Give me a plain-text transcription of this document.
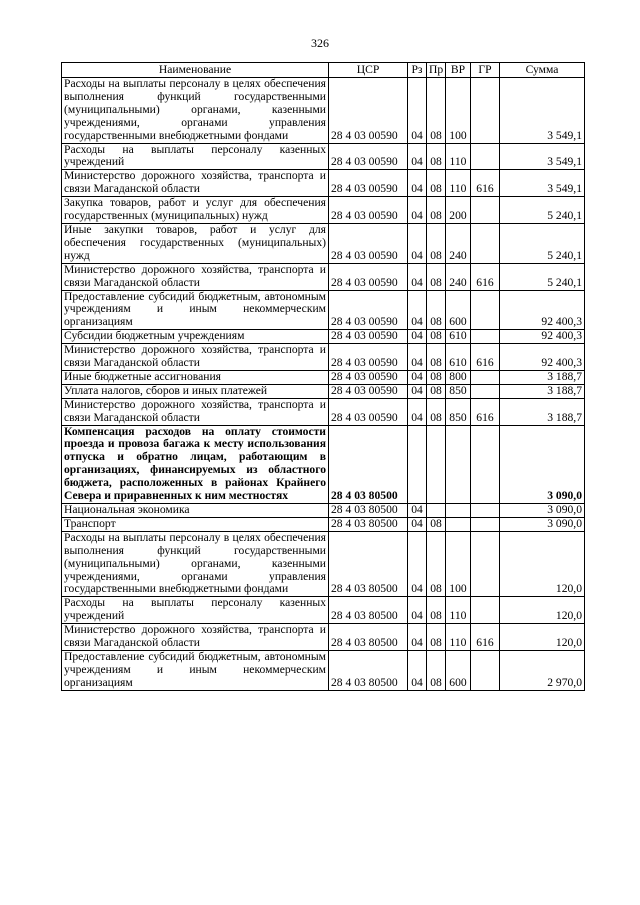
326
Наименование	ЦСР	Рз	Пр	ВР	ГР	Сумма
Расходы на выплаты персоналу в целях обеспечения выполнения функций государственными (муниципальными) органами, казенными учреждениями, органами управления государственными внебюджетными фондами	28 4 03 00590	04	08	100		3 549,1
Расходы на выплаты персоналу казенных учреждений	28 4 03 00590	04	08	110		3 549,1
Министерство дорожного хозяйства, транспорта и связи Магаданской области	28 4 03 00590	04	08	110	616	3 549,1
Закупка товаров, работ и услуг для обеспечения государственных (муниципальных) нужд	28 4 03 00590	04	08	200		5 240,1
Иные закупки товаров, работ и услуг для обеспечения государственных (муниципальных) нужд	28 4 03 00590	04	08	240		5 240,1
Министерство дорожного хозяйства, транспорта и связи Магаданской области	28 4 03 00590	04	08	240	616	5 240,1
Предоставление субсидий бюджетным, автономным учреждениям и иным некоммерческим организациям	28 4 03 00590	04	08	600		92 400,3
Субсидии бюджетным учреждениям	28 4 03 00590	04	08	610		92 400,3
Министерство дорожного хозяйства, транспорта и связи Магаданской области	28 4 03 00590	04	08	610	616	92 400,3
Иные бюджетные ассигнования	28 4 03 00590	04	08	800		3 188,7
Уплата налогов, сборов и иных платежей	28 4 03 00590	04	08	850		3 188,7
Министерство дорожного хозяйства, транспорта и связи Магаданской области	28 4 03 00590	04	08	850	616	3 188,7
Компенсация расходов на оплату стоимости проезда и провоза багажа к месту использования отпуска и обратно лицам, работающим в организациях, финансируемых из областного бюджета, расположенных в районах Крайнего Севера и приравненных к ним местностях	28 4 03 80500					3 090,0
Национальная экономика	28 4 03 80500	04				3 090,0
Транспорт	28 4 03 80500	04	08			3 090,0
Расходы на выплаты персоналу в целях обеспечения выполнения функций государственными (муниципальными) органами, казенными учреждениями, органами управления государственными внебюджетными фондами	28 4 03 80500	04	08	100		120,0
Расходы на выплаты персоналу казенных учреждений	28 4 03 80500	04	08	110		120,0
Министерство дорожного хозяйства, транспорта и связи Магаданской области	28 4 03 80500	04	08	110	616	120,0
Предоставление субсидий бюджетным, автономным учреждениям и иным некоммерческим организациям	28 4 03 80500	04	08	600		2 970,0
